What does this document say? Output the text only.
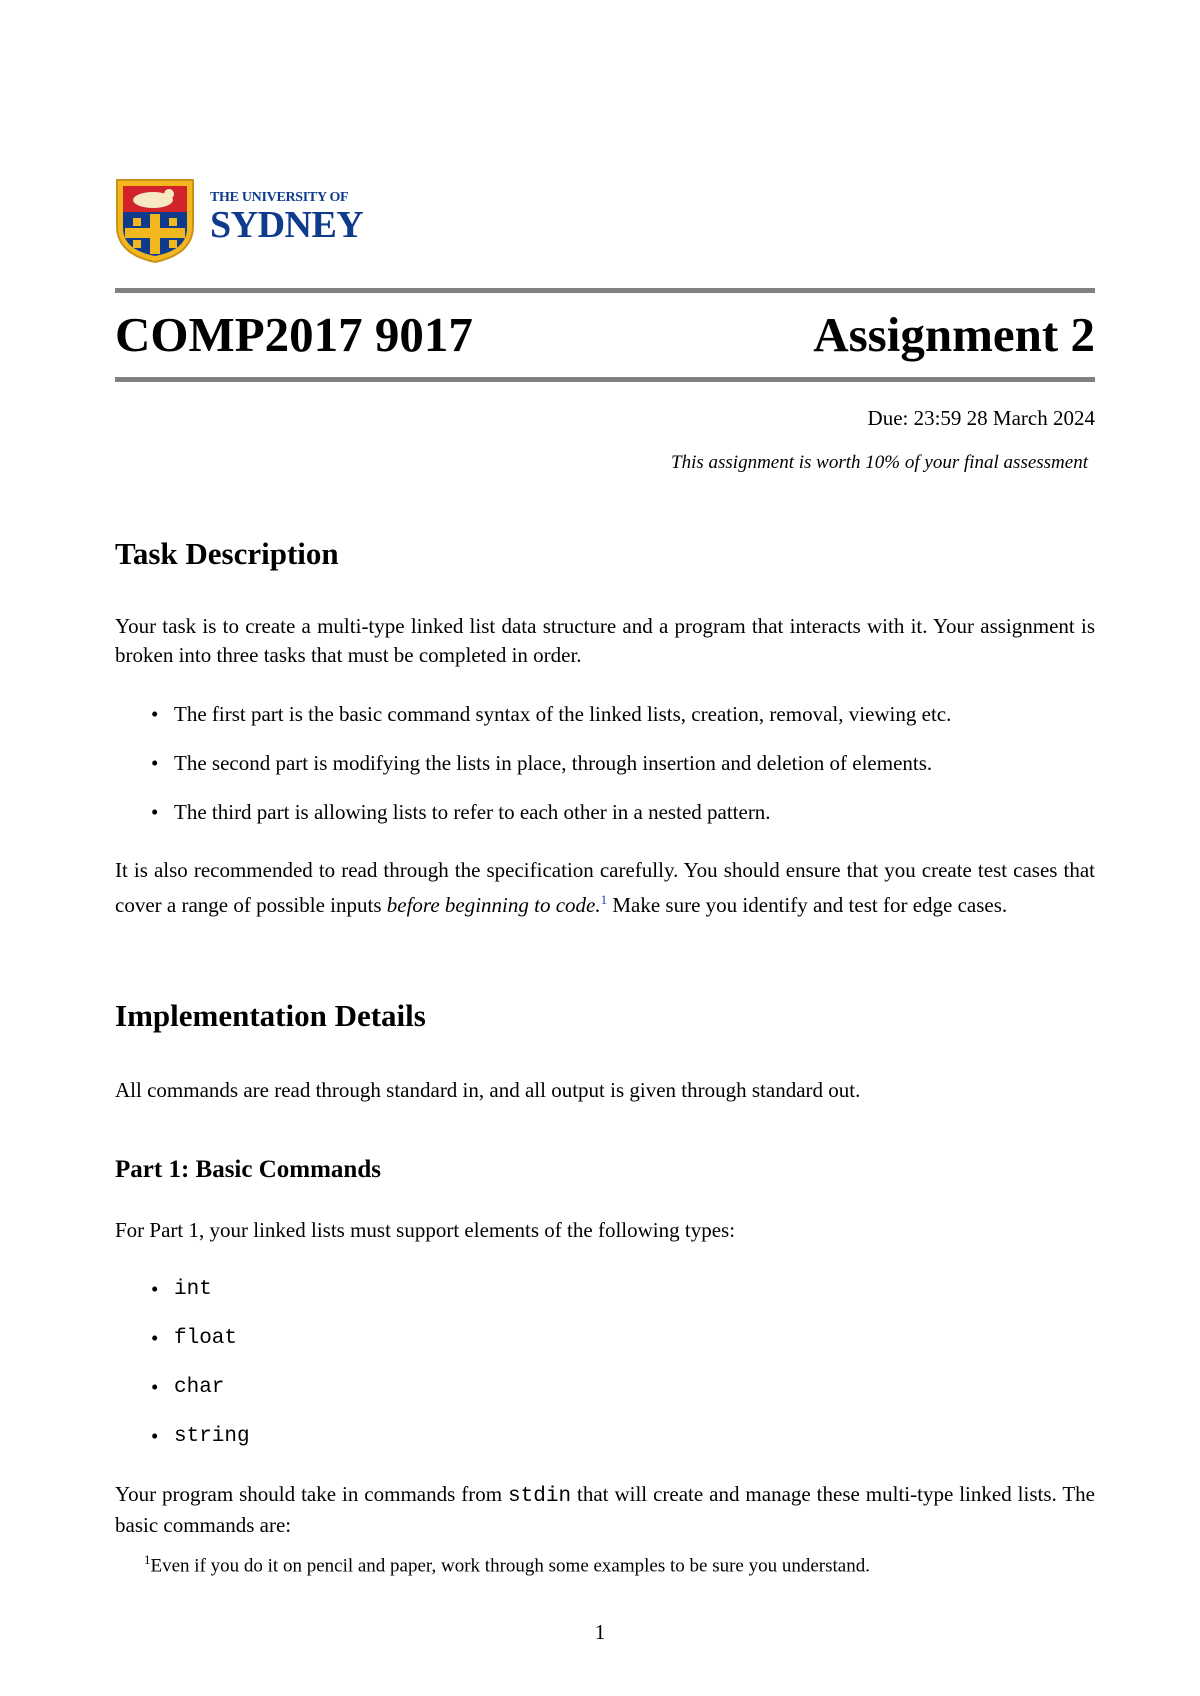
THE UNIVERSITY OF
SYDNEY
COMP2017 9017	Assignment 2
Due: 23:59 28 March 2024
This assignment is worth 10% of your final assessment
Task Description

Your task is to create a multi-type linked list data structure and a program that interacts with it. Your assignment is broken into three tasks that must be completed in order.

• The first part is the basic command syntax of the linked lists, creation, removal, viewing etc.
• The second part is modifying the lists in place, through insertion and deletion of elements.
• The third part is allowing lists to refer to each other in a nested pattern.

It is also recommended to read through the specification carefully. You should ensure that you create test cases that cover a range of possible inputs before beginning to code.$^1$ Make sure you identify and test for edge cases.

Implementation Details

All commands are read through standard in, and all output is given through standard out.

Part 1: Basic Commands

For Part 1, your linked lists must support elements of the following types:

• int
• float
• char
• string

Your program should take in commands from stdin that will create and manage these multi-type linked lists. The basic commands are:

$^1$Even if you do it on pencil and paper, work through some examples to be sure you understand.
1
